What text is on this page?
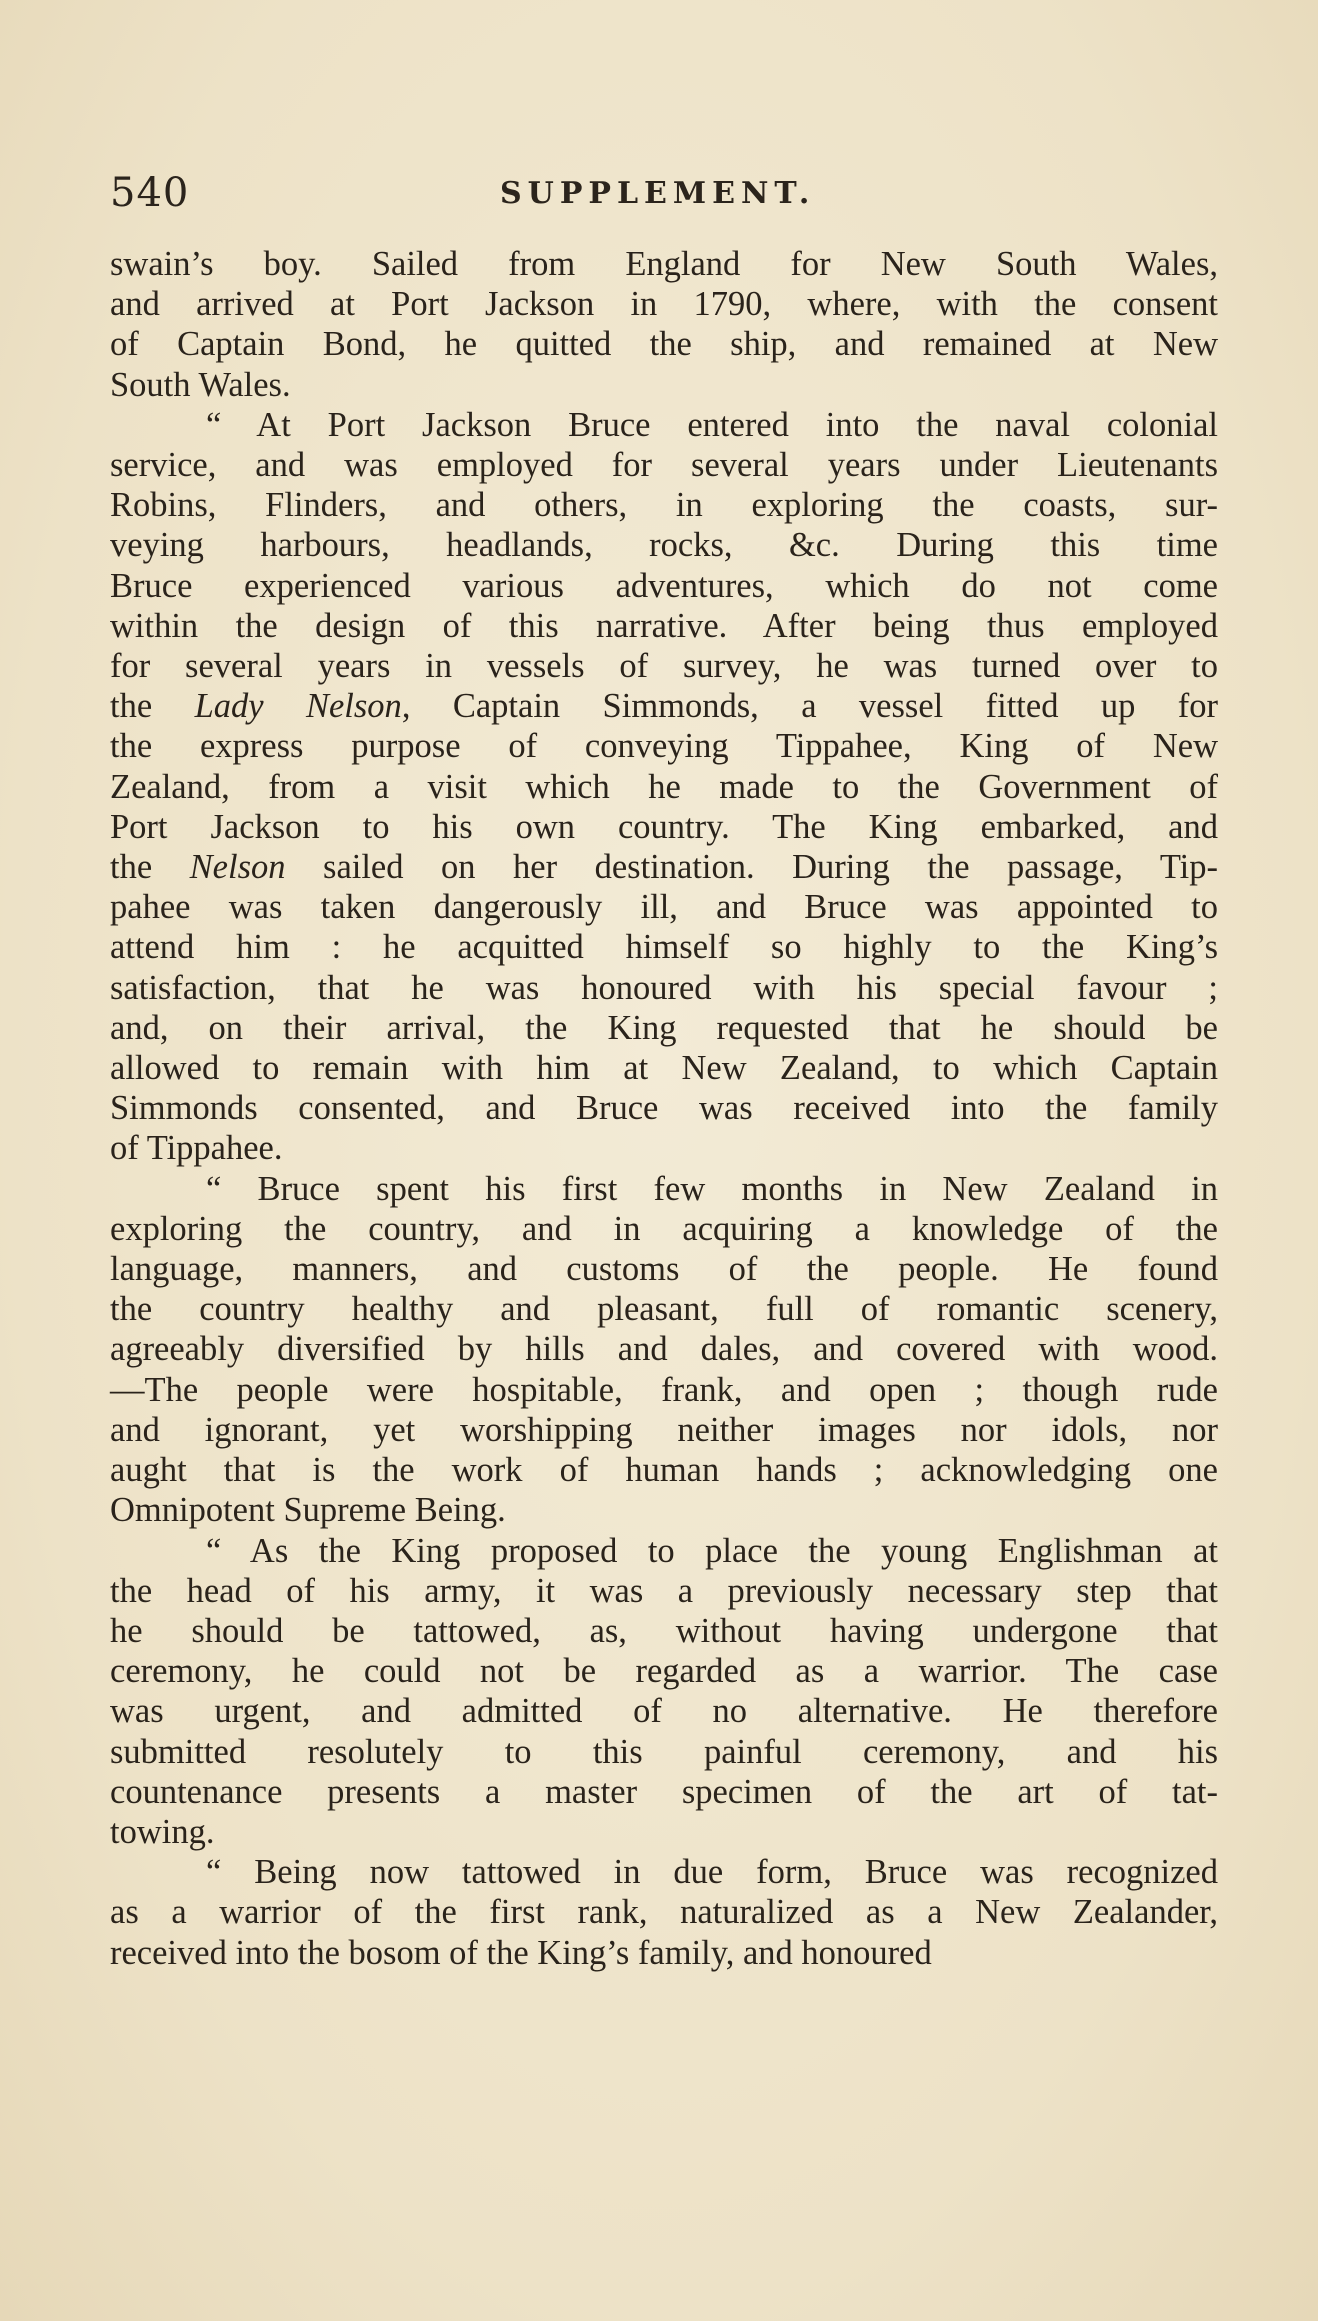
540	SUPPLEMENT.
swain’s boy. Sailed from England for New South Wales,
and arrived at Port Jackson in 1790, where, with the consent
of Captain Bond, he quitted the ship, and remained at New
South Wales.
“ At Port Jackson Bruce entered into the naval colonial
service, and was employed for several years under Lieutenants
Robins, Flinders, and others, in exploring the coasts, sur-
veying harbours, headlands, rocks, &c. During this time
Bruce experienced various adventures, which do not come
within the design of this narrative. After being thus employed
for several years in vessels of survey, he was turned over to
the Lady Nelson, Captain Simmonds, a vessel fitted up for
the express purpose of conveying Tippahee, King of New
Zealand, from a visit which he made to the Government of
Port Jackson to his own country. The King embarked, and
the Nelson sailed on her destination. During the passage, Tip-
pahee was taken dangerously ill, and Bruce was appointed to
attend him : he acquitted himself so highly to the King’s
satisfaction, that he was honoured with his special favour ;
and, on their arrival, the King requested that he should be
allowed to remain with him at New Zealand, to which Captain
Simmonds consented, and Bruce was received into the family
of Tippahee.
“ Bruce spent his first few months in New Zealand in
exploring the country, and in acquiring a knowledge of the
language, manners, and customs of the people. He found
the country healthy and pleasant, full of romantic scenery,
agreeably diversified by hills and dales, and covered with wood.
—The people were hospitable, frank, and open ; though rude
and ignorant, yet worshipping neither images nor idols, nor
aught that is the work of human hands ; acknowledging one
Omnipotent Supreme Being.
“ As the King proposed to place the young Englishman at
the head of his army, it was a previously necessary step that
he should be tattowed, as, without having undergone that
ceremony, he could not be regarded as a warrior. The case
was urgent, and admitted of no alternative. He therefore
submitted resolutely to this painful ceremony, and his
countenance presents a master specimen of the art of tat-
towing.
“ Being now tattowed in due form, Bruce was recognized
as a warrior of the first rank, naturalized as a New Zealander,
received into the bosom of the King’s family, and honoured
